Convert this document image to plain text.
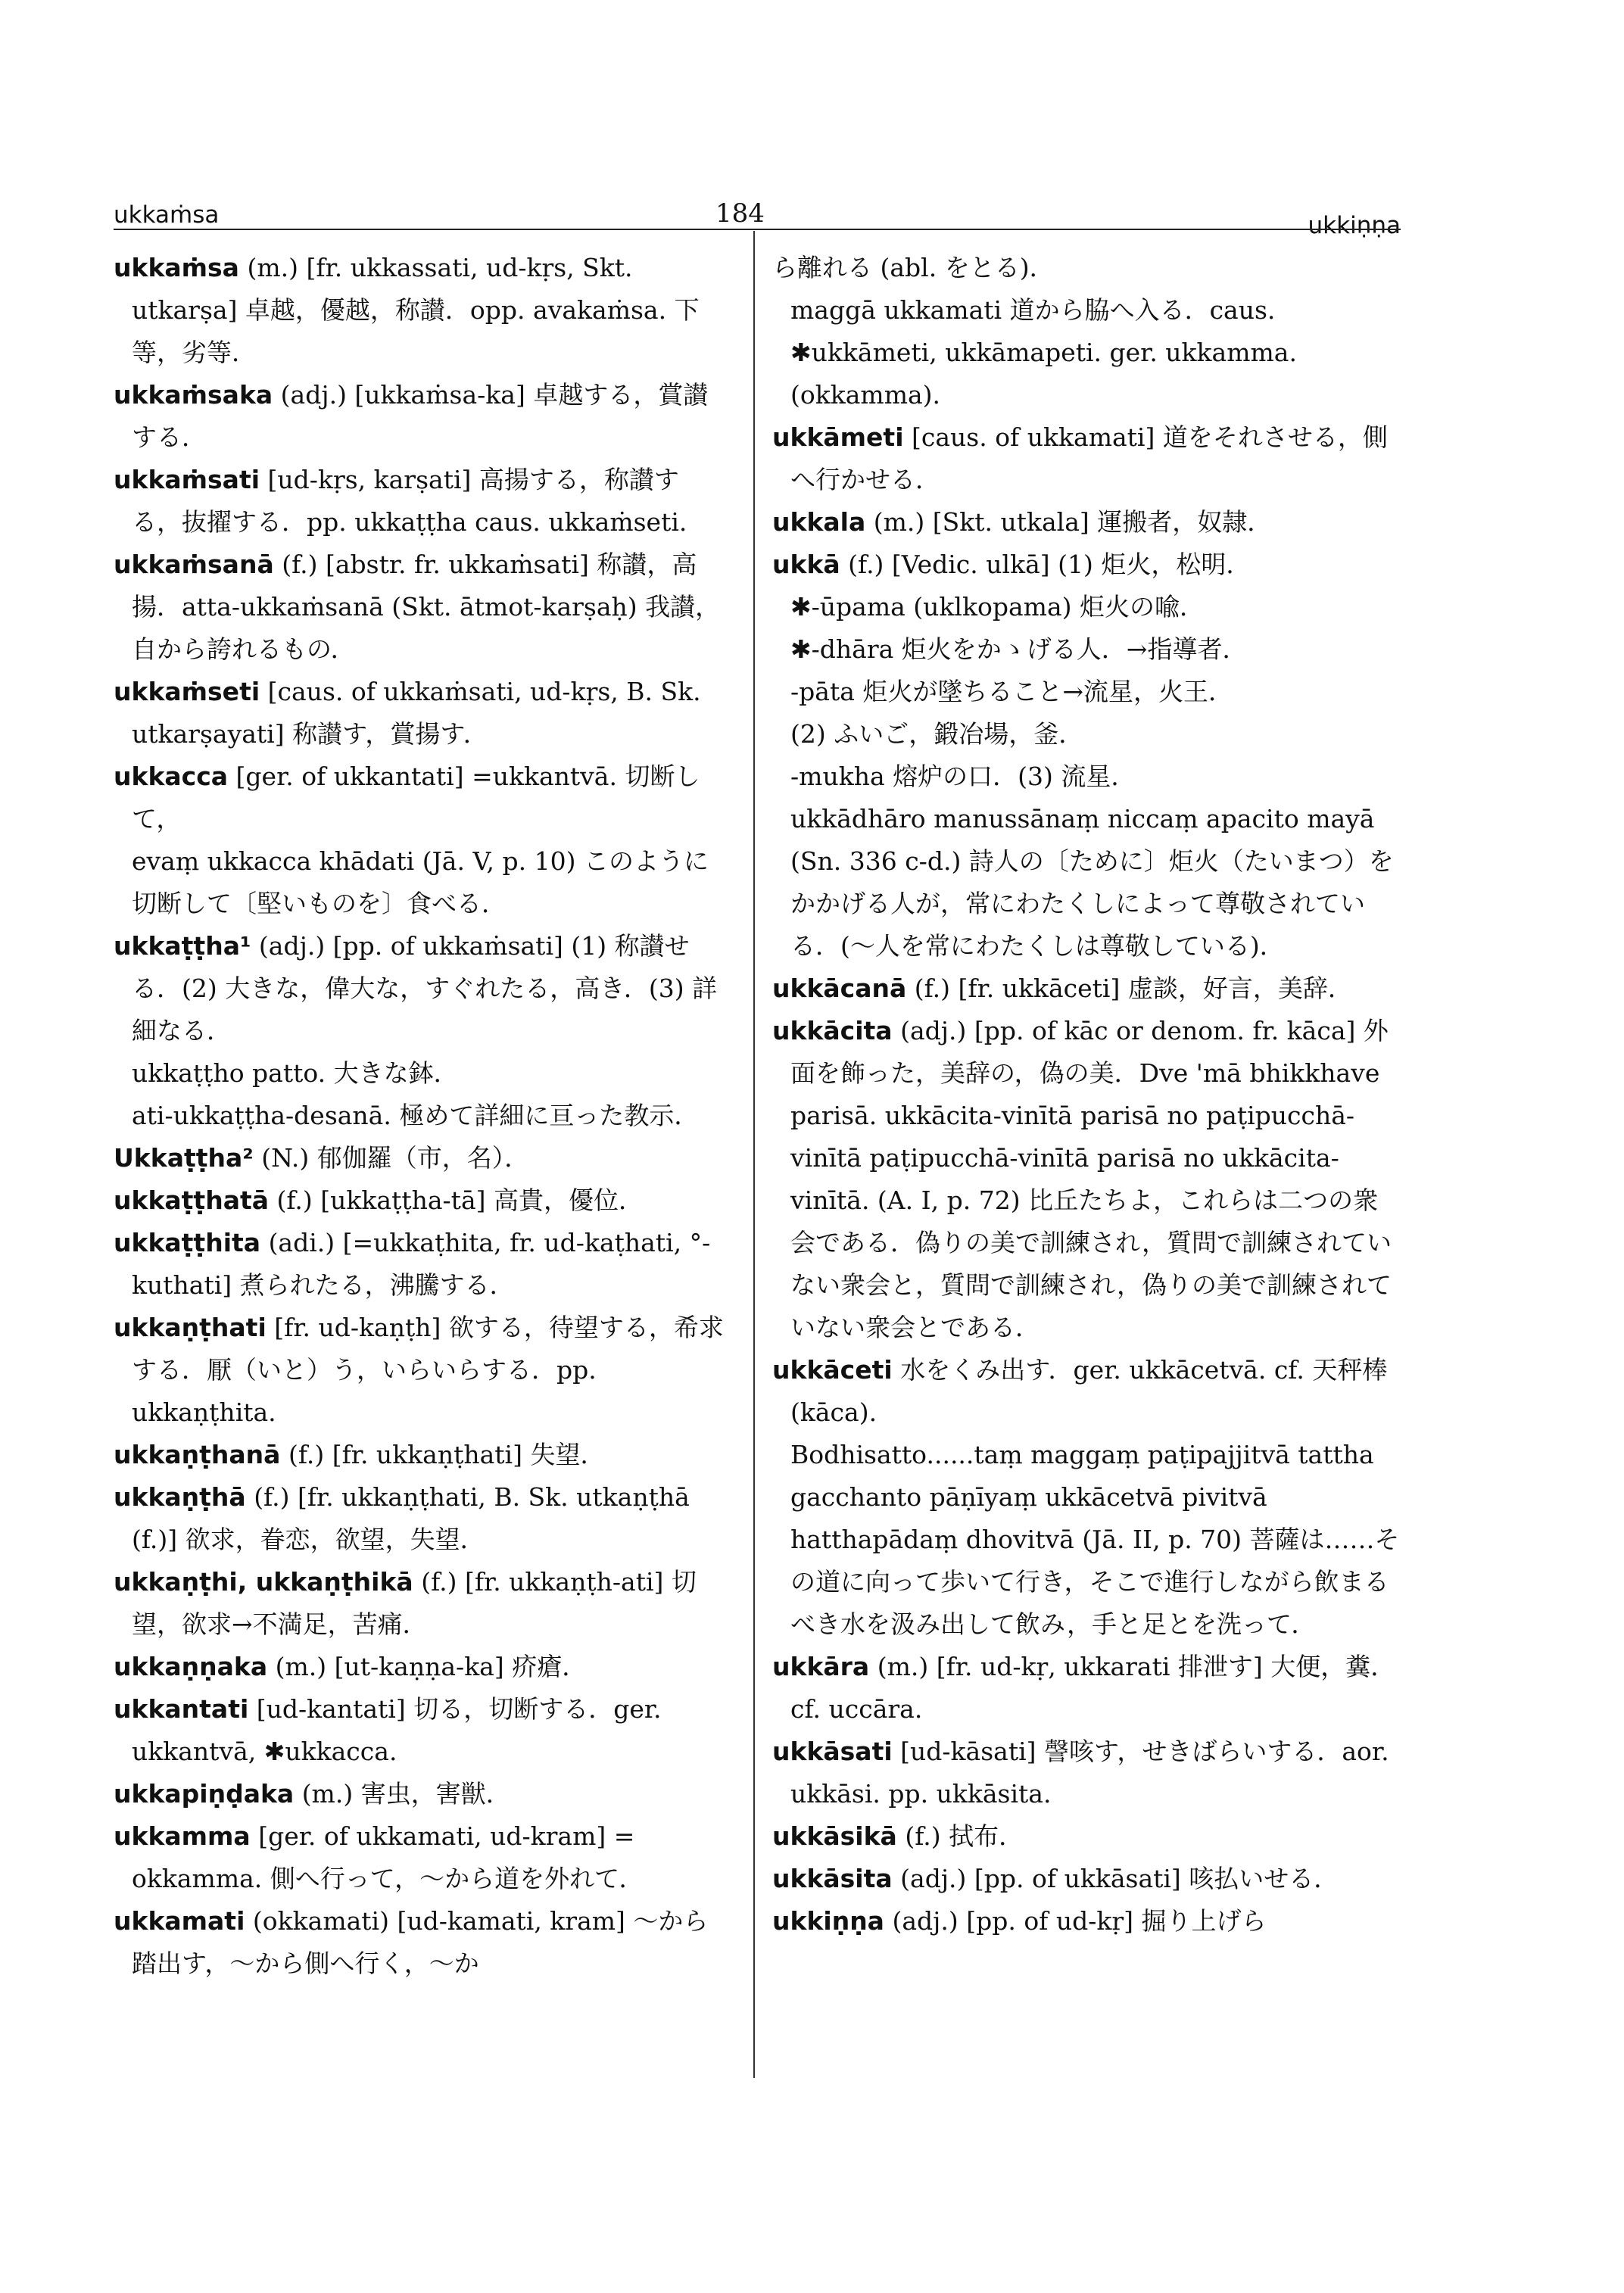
ukkaṁsa	184	ukkiṇṇa

ukkaṁsa (m.) [fr. ukkassati, ud-kṛs, Skt. utkarṣa] 卓越，優越，称讃．opp. avakaṁsa. 下等，劣等．

ukkaṁsaka (adj.) [ukkaṁsa-ka] 卓越する，賞讃する．

ukkaṁsati [ud-kṛs, karṣati] 高揚する，称讃する，抜擢する．pp. ukkaṭṭha caus. ukkaṁseti.

ukkaṁsanā (f.) [abstr. fr. ukkaṁsati] 称讃，高揚．atta-ukkaṁsanā (Skt. ātmot-karṣaḥ) 我讃，自から誇れるもの．

ukkaṁseti [caus. of ukkaṁsati, ud-kṛs, B. Sk. utkarṣayati] 称讃す，賞揚す．

ukkacca [ger. of ukkantati] =ukkantvā. 切断して，

evaṃ ukkacca khādati (Jā. V, p. 10) このように切断して〔堅いものを〕食べる．

ukkaṭṭha¹ (adj.) [pp. of ukkaṁsati] (1) 称讃せる．(2) 大きな，偉大な，すぐれたる，高き．(3) 詳細なる．

ukkaṭṭho patto. 大きな鉢．

ati-ukkaṭṭha-desanā. 極めて詳細に亘った教示．

Ukkaṭṭha² (N.) 郁伽羅（市，名）．

ukkaṭṭhatā (f.) [ukkaṭṭha-tā] 高貴，優位．

ukkaṭṭhita (adi.) [=ukkaṭhita, fr. ud-kaṭhati, °-kuthati] 煮られたる，沸騰する．

ukkaṇṭhati [fr. ud-kaṇṭh] 欲する，待望する，希求する．厭（いと）う，いらいらする．pp. ukkaṇṭhita.

ukkaṇṭhanā (f.) [fr. ukkaṇṭhati] 失望．

ukkaṇṭhā (f.) [fr. ukkaṇṭhati, B. Sk. utkaṇṭhā (f.)] 欲求，眷恋，欲望，失望．

ukkaṇṭhi, ukkaṇṭhikā (f.) [fr. ukkaṇṭh-ati] 切望，欲求→不満足，苦痛．

ukkaṇṇaka (m.) [ut-kaṇṇa-ka] 疥瘡．

ukkantati [ud-kantati] 切る，切断する．ger. ukkantvā, ✱ukkacca.

ukkapiṇḍaka (m.) 害虫，害獣．

ukkamma [ger. of ukkamati, ud-kram] = okkamma. 側へ行って，～から道を外れて．

ukkamati (okkamati) [ud-kamati, kram] ～から踏出す，～から側へ行く，～か

ら離れる (abl. をとる)．

maggā ukkamati 道から脇へ入る．caus. ✱ukkāmeti, ukkāmapeti. ger. ukkamma. (okkamma).

ukkāmeti [caus. of ukkamati] 道をそれさせる，側へ行かせる．

ukkala (m.) [Skt. utkala] 運搬者，奴隷．

ukkā (f.) [Vedic. ulkā] (1) 炬火，松明．

✱-ūpama (uklkopama) 炬火の喩．

✱-dhāra 炬火をかゝげる人．→指導者．

-pāta 炬火が墜ちること→流星，火王．

(2) ふいご，鍛冶場，釜．

-mukha 熔炉の口．(3) 流星．

ukkādhāro manussānaṃ niccaṃ apacito mayā (Sn. 336 c-d.) 詩人の〔ために〕炬火（たいまつ）をかかげる人が，常にわたくしによって尊敬されている．(～人を常にわたくしは尊敬している)．

ukkācanā (f.) [fr. ukkāceti] 虚談，好言，美辞．

ukkācita (adj.) [pp. of kāc or denom. fr. kāca] 外面を飾った，美辞の，偽の美．Dve 'mā bhikkhave parisā. ukkācita-vinītā parisā no paṭipucchā-vinītā paṭipucchā-vinītā parisā no ukkācita-vinītā. (A. I, p. 72) 比丘たちよ，これらは二つの衆会である．偽りの美で訓練され，質問で訓練されていない衆会と，質問で訓練され，偽りの美で訓練されていない衆会とである．

ukkāceti 水をくみ出す．ger. ukkācetvā. cf. 天秤棒 (kāca).

Bodhisatto......taṃ maggaṃ paṭipajjitvā tattha gacchanto pāṇīyaṃ ukkācetvā pivitvā hatthapādaṃ dhovitvā (Jā. II, p. 70) 菩薩は……その道に向って歩いて行き，そこで進行しながら飲まるべき水を汲み出して飲み，手と足とを洗って．

ukkāra (m.) [fr. ud-kṛ, ukkarati 排泄す] 大便，糞．cf. uccāra.

ukkāsati [ud-kāsati] 謦咳す，せきばらいする．aor. ukkāsi. pp. ukkāsita.

ukkāsikā (f.) 拭布．

ukkāsita (adj.) [pp. of ukkāsati] 咳払いせる．

ukkiṇṇa (adj.) [pp. of ud-kṛ] 掘り上げら
